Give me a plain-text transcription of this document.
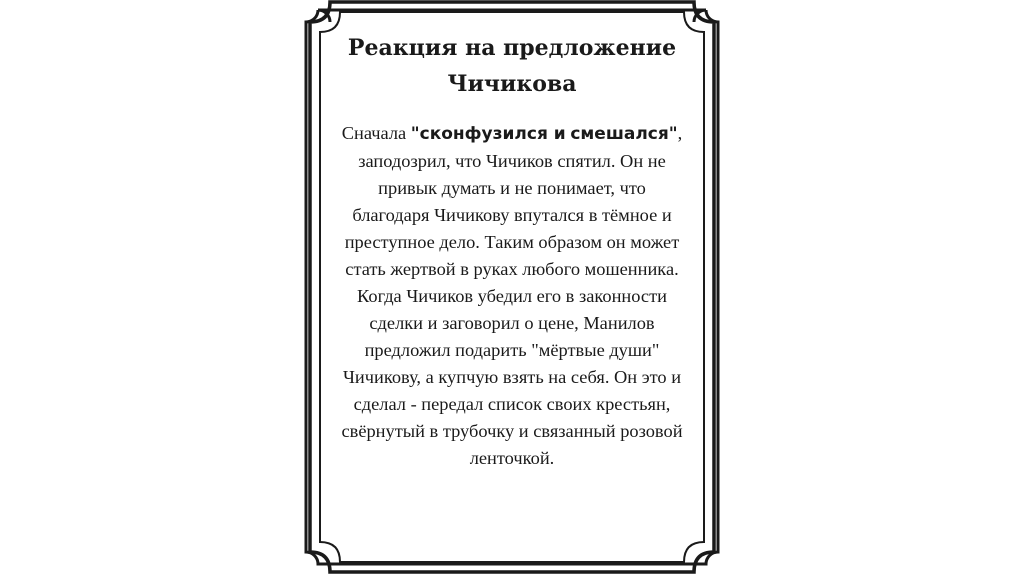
Реакция на предложение
Чичикова
Сначала "сконфузился и смешался", заподозрил, что Чичиков спятил. Он не привык думать и не понимает, что благодаря Чичикову впутался в тёмное и преступное дело. Таким образом он может стать жертвой в руках любого мошенника. Когда Чичиков убедил его в законности сделки и заговорил о цене, Манилов предложил подарить "мёртвые души" Чичикову, а купчую взять на себя. Он это и сделал - передал список своих крестьян, свёрнутый в трубочку и связанный розовой ленточкой.
